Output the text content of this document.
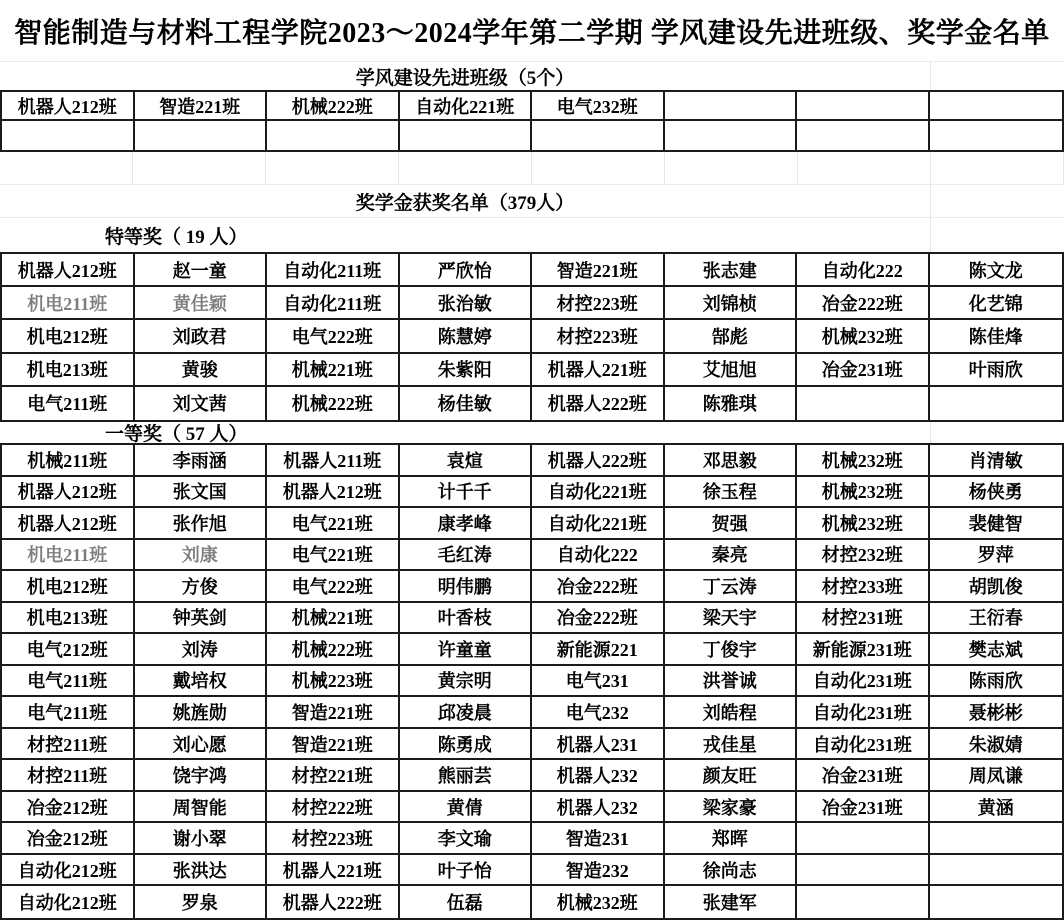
智能制造与材料工程学院2023～2024学年第二学期 学风建设先进班级、奖学金名单
学风建设先进班级（5个）
机器人212班	智造221班	机械222班	自动化221班	电气232班
奖学金获奖名单（379人）
特等奖（ 19 人）
机器人212班	赵一童	自动化211班	严欣怡	智造221班	张志建	自动化222	陈文龙
机电211班	黄佳颖	自动化211班	张治敏	材控223班	刘锦桢	冶金222班	化艺锦
机电212班	刘政君	电气222班	陈慧婷	材控223班	郜彪	机械232班	陈佳烽
机电213班	黄骏	机械221班	朱紫阳	机器人221班	艾旭旭	冶金231班	叶雨欣
电气211班	刘文茜	机械222班	杨佳敏	机器人222班	陈雅琪
一等奖（ 57 人）
机械211班	李雨涵	机器人211班	袁煊	机器人222班	邓思毅	机械232班	肖清敏
机器人212班	张文国	机器人212班	计千千	自动化221班	徐玉程	机械232班	杨侠勇
机器人212班	张作旭	电气221班	康孝峰	自动化221班	贺强	机械232班	裴健智
机电211班	刘康	电气221班	毛红涛	自动化222	秦亮	材控232班	罗萍
机电212班	方俊	电气222班	明伟鹏	冶金222班	丁云涛	材控233班	胡凯俊
机电213班	钟英剑	机械221班	叶香枝	冶金222班	梁天宇	材控231班	王衍春
电气212班	刘涛	机械222班	许童童	新能源221	丁俊宇	新能源231班	樊志斌
电气211班	戴培权	机械223班	黄宗明	电气231	洪誉诚	自动化231班	陈雨欣
电气211班	姚旌勋	智造221班	邱凌晨	电气232	刘皓程	自动化231班	聂彬彬
材控211班	刘心愿	智造221班	陈勇成	机器人231	戎佳星	自动化231班	朱淑婧
材控211班	饶宇鸿	材控221班	熊丽芸	机器人232	颜友旺	冶金231班	周凤谦
冶金212班	周智能	材控222班	黄倩	机器人232	梁家豪	冶金231班	黄涵
冶金212班	谢小翠	材控223班	李文瑜	智造231	郑晖
自动化212班	张洪达	机器人221班	叶子怡	智造232	徐尚志
自动化212班	罗泉	机器人222班	伍磊	机械232班	张建军
